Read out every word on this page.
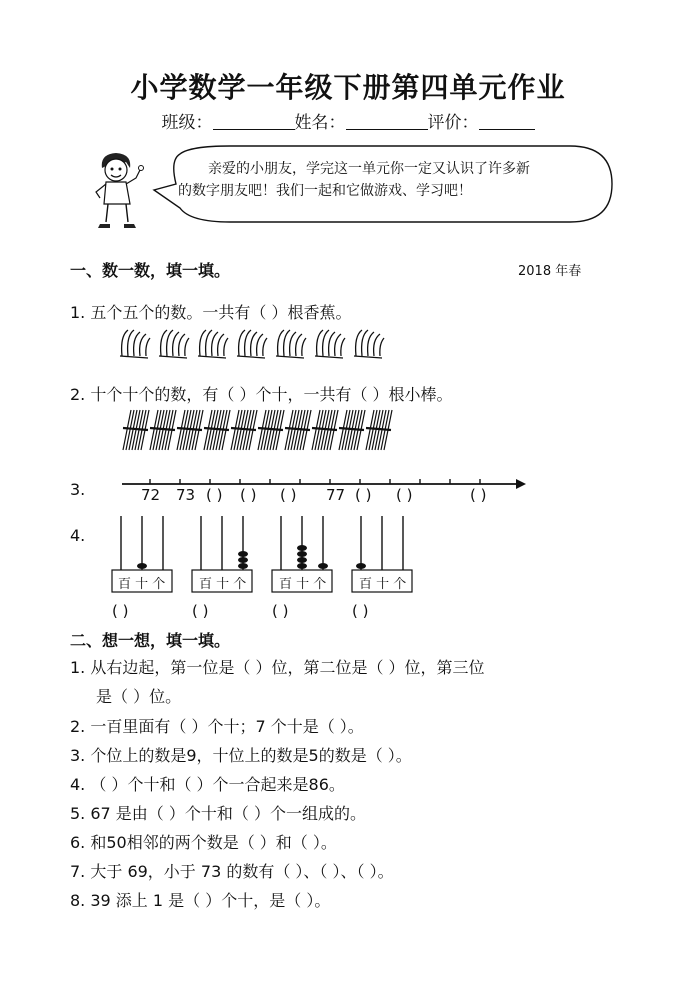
小学数学一年级下册第四单元作业
班级：	姓名：	评价：
亲爱的小朋友，学完这一单元你一定又认识了许多新
的数字朋友吧！我们一起和它做游戏、学习吧！
一、数一数，填一填。	2018 年春
1. 五个五个的数。一共有（ ）根香蕉。
2. 十个十个的数，有（ ）个十，一共有（ ）根小棒。
3.	72 73 ( ) ( ) ( ) 77 ( ) ( )	( )
4.
百 十 个	百 十 个	百 十 个	百 十 个
( )	( )	( )	( )
二、想一想，填一填。
1. 从右边起，第一位是（ ）位，第二位是（ ）位，第三位
是（ ）位。
2. 一百里面有（ ）个十；7 个十是（ ）。
3. 个位上的数是9，十位上的数是5的数是（ ）。
4. （ ）个十和（ ）个一合起来是86。
5. 67 是由（ ）个十和（ ）个一组成的。
6. 和50相邻的两个数是（ ）和（ ）。
7. 大于 69，小于 73 的数有（ ）、（ ）、（ ）。
8. 39 添上 1 是（ ）个十，是（ ）。
